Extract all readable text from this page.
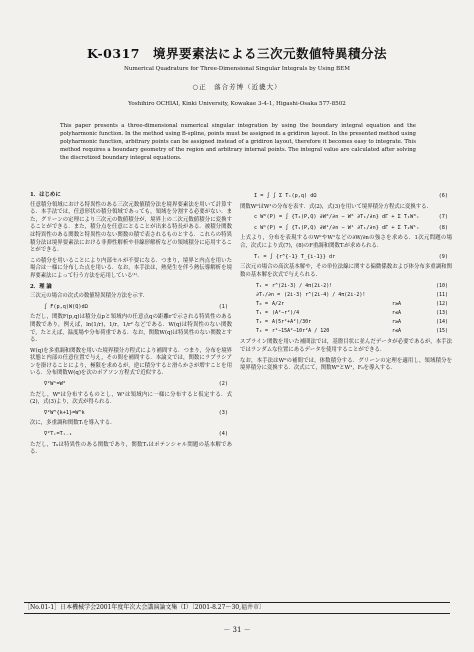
K-0317　境界要素法による三次元数値特異積分法
Numerical Quadrature for Three-Dimensional Singular Integrals by Using BEM
○正　落合芳博（近畿大）
Yoshihiro OCHIAI, Kinki University, Kowakae 3-4-1, Higashi-Osaka 577-8502
This paper presents a three-dimensional numerical singular integration by using the boundary integral equation and the polyharmonic function. In the method using B-spline, points must be assigned in a gridiron layout. In the presented method using polyharmonic function, arbitrary points can be assigned instead of a gridiron layout, therefore it becomes easy to integrate. This method requires a boundary geometry of the region and arbitrary internal points. The integral value are calculated after solving the discretized boundary integral equations.
1．はじめに

任意積分領域における特異性のある三次元数値積分法を境界要素法を用いて計算する．本手法では，任意形状の積分領域であっても，領域を分割する必要がない．また，グリーンの定理により三次元の数値積分が，境界上の二次元数値積分に変換することができる．また，積分点を任意にとることが出来る特長がある．被積分関数は特異性のある関数と特異性のない関数の積で表されるものとする．これらの特異積分法は境界要素法における非弾性解析や非線形解析などの領域積分に応用することができる．

この積分を用いることにより内部セルが不要になる．つまり，境界と内点を用いた場合は一様に分布した点を用いる．なお，本手法は，熱発生を伴う熱伝導解析を境界要素法によって行う方法を応用している⁽¹⁾．

2．理 論

三次元の場合の次式の数値特異積分方法を示す．

∫ F(p,q)W(Q)dΩ	(1)

ただし，関数F(p,q)は積分点pと領域内の任意点qの距離rで示される特異性のある関数であり，例えば，ln(1/r)，1/r，1/r² などである．W(q)は特異性のない関数で，たとえば，温度場や分布荷重である．なお，関数W(q)は特異性のない関数とする．

W(q)を多重調和関数を用いた境界積分方程式により補間する．つまり，分布を境界状態と内部の任意位置で与え，その間を補間する．本論文では，関数にラプラシアンを掛けることにより，極限を求めるが，逆に積分すると滑らかさが増すことを用いる．分布関数W(q)を次のポアソン方程式で近似する．

∇²W¹=W⁰	(2)

ただし，W⁰は分布するものとし，W¹は領域内に一様に分布すると仮定する．式(2)，式(3)より，次式が得られる．

∇²W^{k+1}=W^k	(3)

次に，多重調和関数Tᵢを導入する．

∇²Tᵢ=Tᵢ₋₁	(4)

ただし，T₀は特異性のある関数であり，関数T₁はポテンシャル問題の基本解である．

I = ∫ ∫ Σ Tᵢ(p,q) dΩ	(6)

関数W⁰はW¹の分布を表す．式(2)，式(3)を用いて境界積分方程式に変換する．

c W⁰(P) = ∫ {T₁(P,Q) ∂W⁰/∂n − W⁰ ∂T₁/∂n} dΓ + Σ T₁W⁰ᵢ	(7)
c W¹(P) = ∫ {T₁(P,Q) ∂W¹/∂n − W¹ ∂T₁/∂n} dΓ + Σ T₂W¹ᵢ	(8)

上式より，分布を表現するのW⁰やW¹などの∂W/∂nの強さを求める．1次元問題の場合，次式により式(7)，(8)のF重調和関数Tᵢが求められる．

Tᵢ = ∫ {r^{-1} T_{i-1}} dr	(9)

三次元の場合の高次基本解や，その単位法線に関する偏微係数および体分布多重調和関数の基本解を次式で与えられる．

T₁ = r^(2i-3) / 4π(2i-2)!	(10)
∂Tᵢ/∂n = (2i-3) r^(2i-4) / 4π(2i-2)!	(11)
T₀ = A/2r	r≥A	(12)
T₁ = (A²−r²)/4	r≤A	(13)
T₂ = A(5r²+A²)/30r	r≥A	(14)
T₃ = r²−15A²−10r²A / 120	r≤A	(15)

スプライン関数を用いた補間法では，基盤目状に並んだデータが必要であるが，本手法ではランダムな位置にあるデータを使用することができる．

なお，本手法はW⁰の補間では，体数積分する．グリーンの定理を適用し，領域積分を境界積分に変換する．次式にて，関数W⁰とW¹，F₀を導入する．

［No.01-1］日本機械学会2001年度年次大会講演論文集（Ⅰ）〔2001-8.27〜30,福井市〕
－ 31 －
